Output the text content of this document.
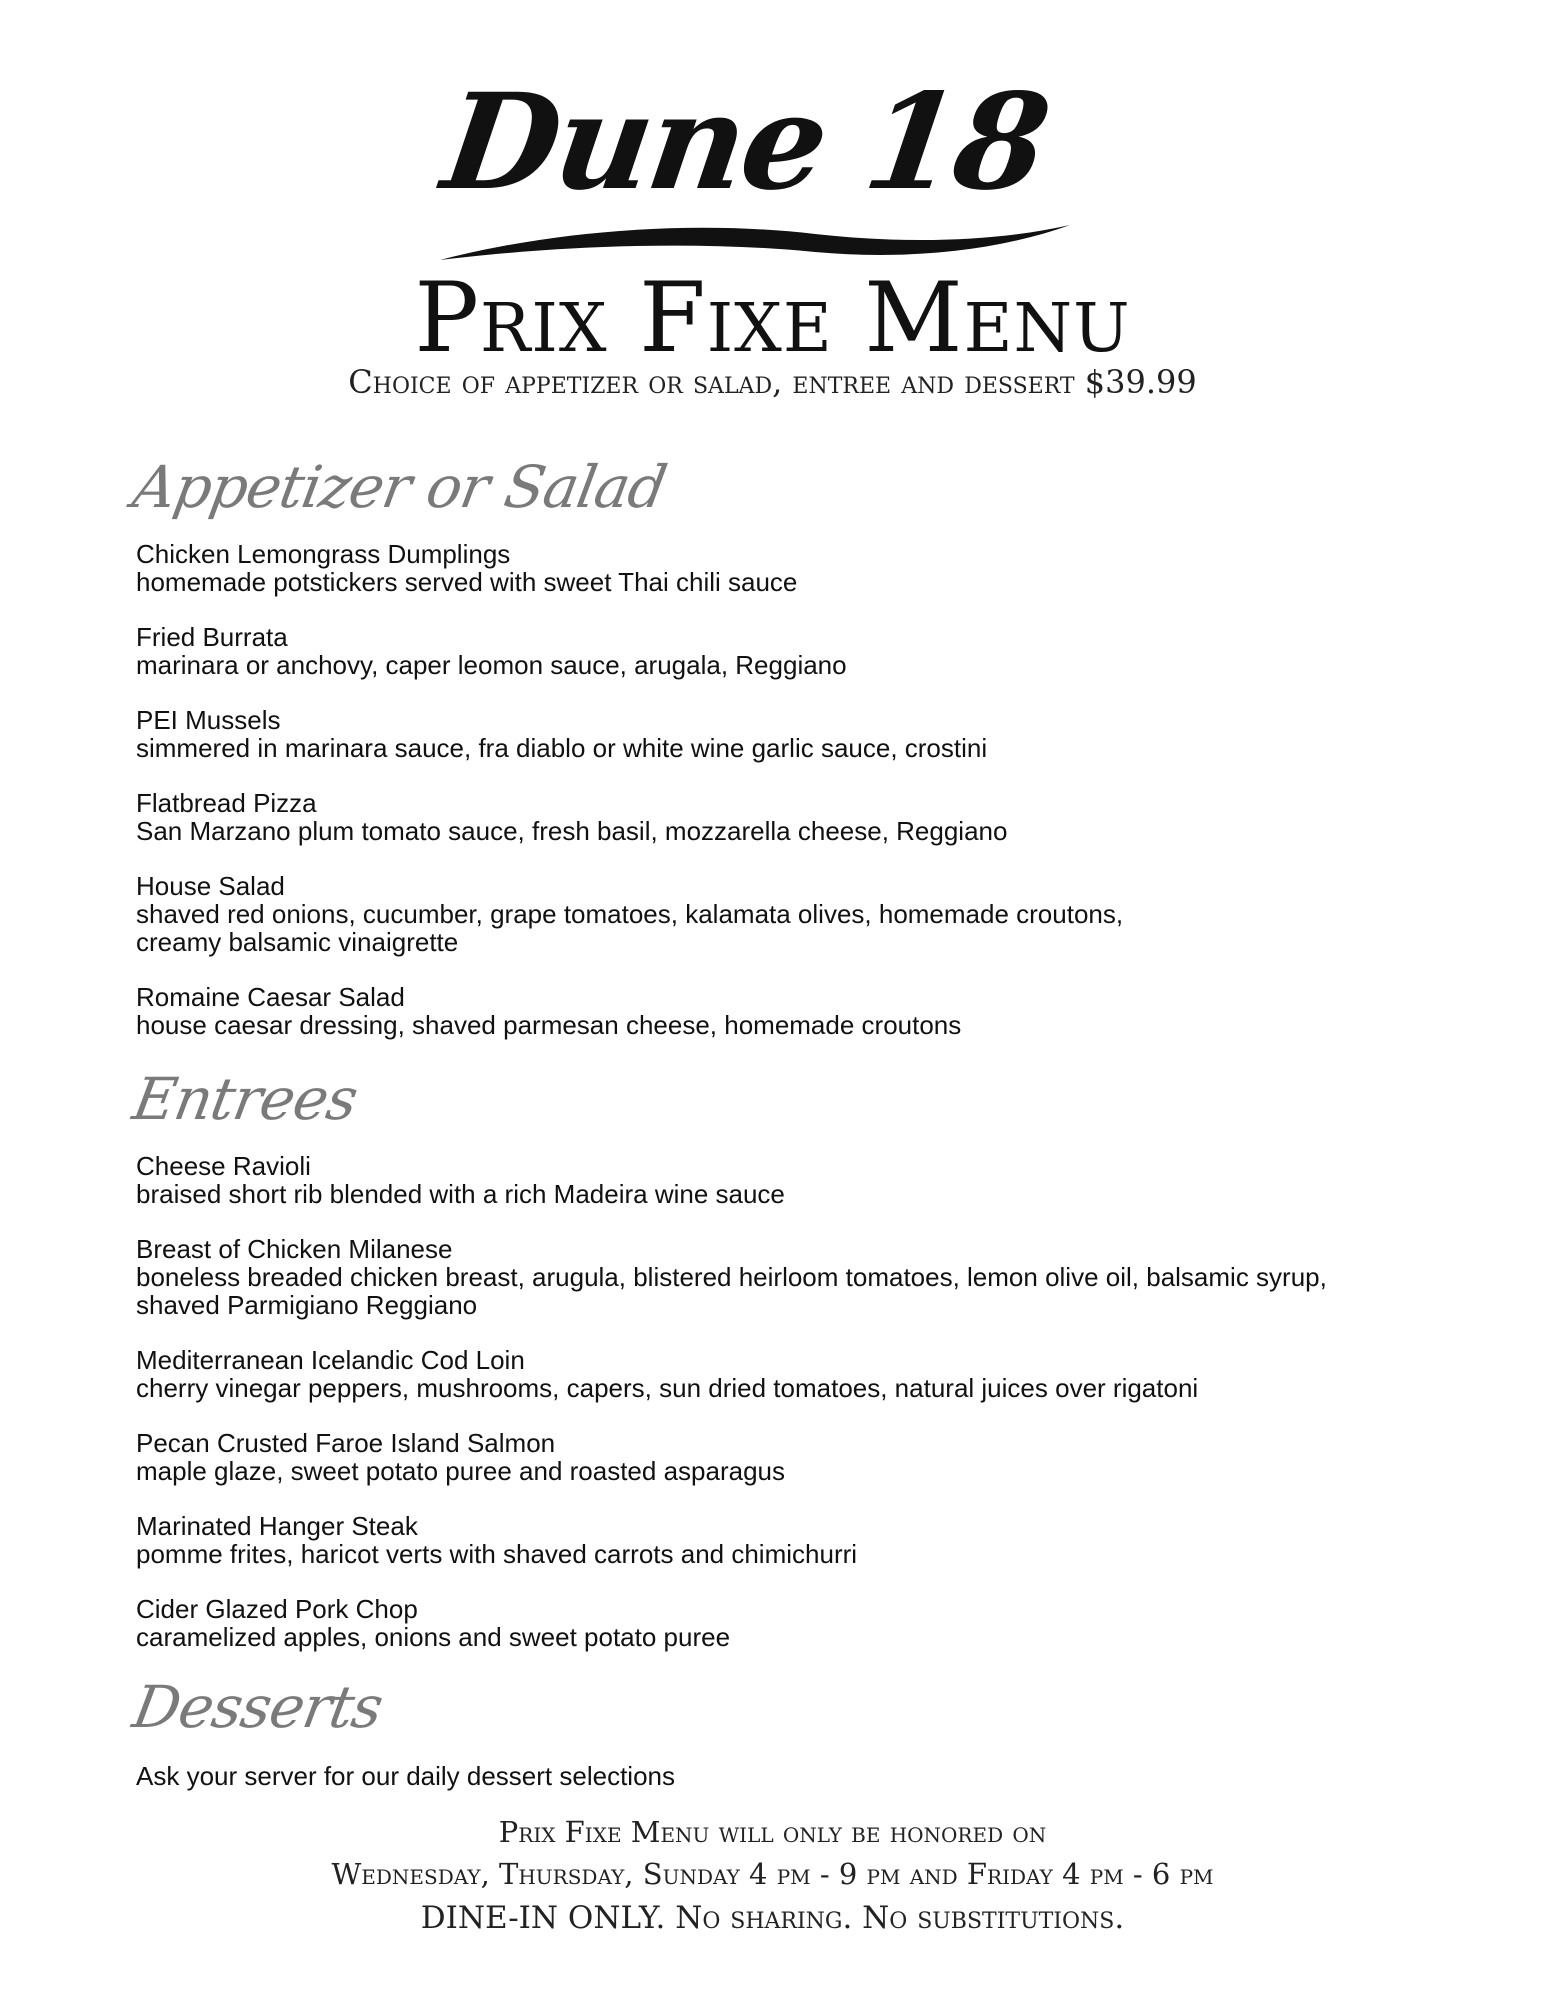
Dune 18
Prix Fixe Menu
Choice of appetizer or salad, entree and dessert $39.99
Appetizer or Salad
Chicken Lemongrass Dumplings
homemade potstickers served with sweet Thai chili sauce
Fried Burrata
marinara or anchovy, caper leomon sauce, arugala, Reggiano
PEI Mussels
simmered in marinara sauce, fra diablo or white wine garlic sauce, crostini
Flatbread Pizza
San Marzano plum tomato sauce, fresh basil, mozzarella cheese, Reggiano
House Salad
shaved red onions, cucumber, grape tomatoes, kalamata olives, homemade croutons,
creamy balsamic vinaigrette
Romaine Caesar Salad
house caesar dressing, shaved parmesan cheese, homemade croutons
Entrees
Cheese Ravioli
braised short rib blended with a rich Madeira wine sauce
Breast of Chicken Milanese
boneless breaded chicken breast, arugula, blistered heirloom tomatoes, lemon olive oil, balsamic syrup,
shaved Parmigiano Reggiano
Mediterranean Icelandic Cod Loin
cherry vinegar peppers, mushrooms, capers, sun dried tomatoes, natural juices over rigatoni
Pecan Crusted Faroe Island Salmon
maple glaze, sweet potato puree and roasted asparagus
Marinated Hanger Steak
pomme frites, haricot verts with shaved carrots and chimichurri
Cider Glazed Pork Chop
caramelized apples, onions and sweet potato puree
Desserts
Ask your server for our daily dessert selections
Prix Fixe Menu will only be honored on
Wednesday, Thursday, Sunday 4 pm - 9 pm and Friday 4 pm - 6 pm
DINE-IN ONLY. No sharing. No substitutions.
